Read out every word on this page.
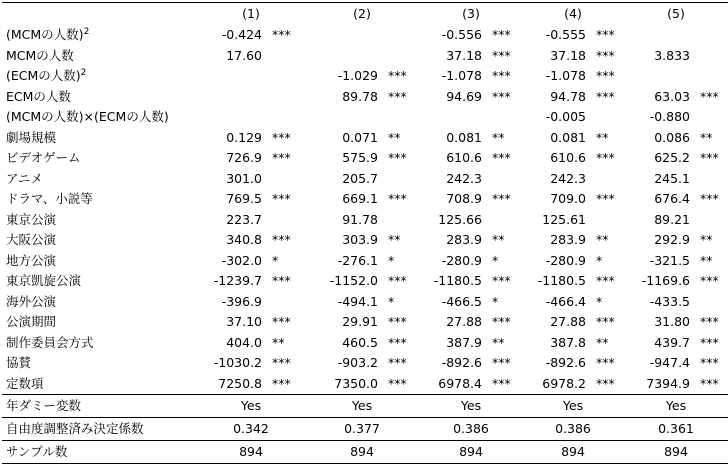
	(1)		(2)		(3)		(4)		(5)	
(MCMの人数)$^2$	-0.424	***			-0.556	***	-0.555	***		
MCMの人数	17.60				37.18	***	37.18	***	3.833	
(ECMの人数)$^2$			-1.029	***	-1.078	***	-1.078	***		
ECMの人数			89.78	***	94.69	***	94.78	***	63.03	***
(MCMの人数)×(ECMの人数)							-0.005		-0.880	
劇場規模	0.129	***	0.071	**	0.081	**	0.081	**	0.086	**
ビデオゲーム	726.9	***	575.9	***	610.6	***	610.6	***	625.2	***
アニメ	301.0		205.7		242.3		242.3		245.1	
ドラマ、小説等	769.5	***	669.1	***	708.9	***	709.0	***	676.4	***
東京公演	223.7		91.78		125.66		125.61		89.21	
大阪公演	340.8	***	303.9	**	283.9	**	283.9	**	292.9	**
地方公演	-302.0	*	-276.1	*	-280.9	*	-280.9	*	-321.5	**
東京凱旋公演	-1239.7	***	-1152.0	***	-1180.5	***	-1180.5	***	-1169.6	***
海外公演	-396.9		-494.1	*	-466.5	*	-466.4	*	-433.5	
公演期間	37.10	***	29.91	***	27.88	***	27.88	***	31.80	***
制作委員会方式	404.0	**	460.5	***	387.9	**	387.8	**	439.7	***
協賛	-1030.2	***	-903.2	***	-892.6	***	-892.6	***	-947.4	***
定数項	7250.8	***	7350.0	***	6978.4	***	6978.2	***	7394.9	***
年ダミー変数	Yes		Yes		Yes		Yes		Yes	
自由度調整済み決定係数	0.342		0.377		0.386		0.386		0.361	
サンプル数	894		894		894		894		894	
